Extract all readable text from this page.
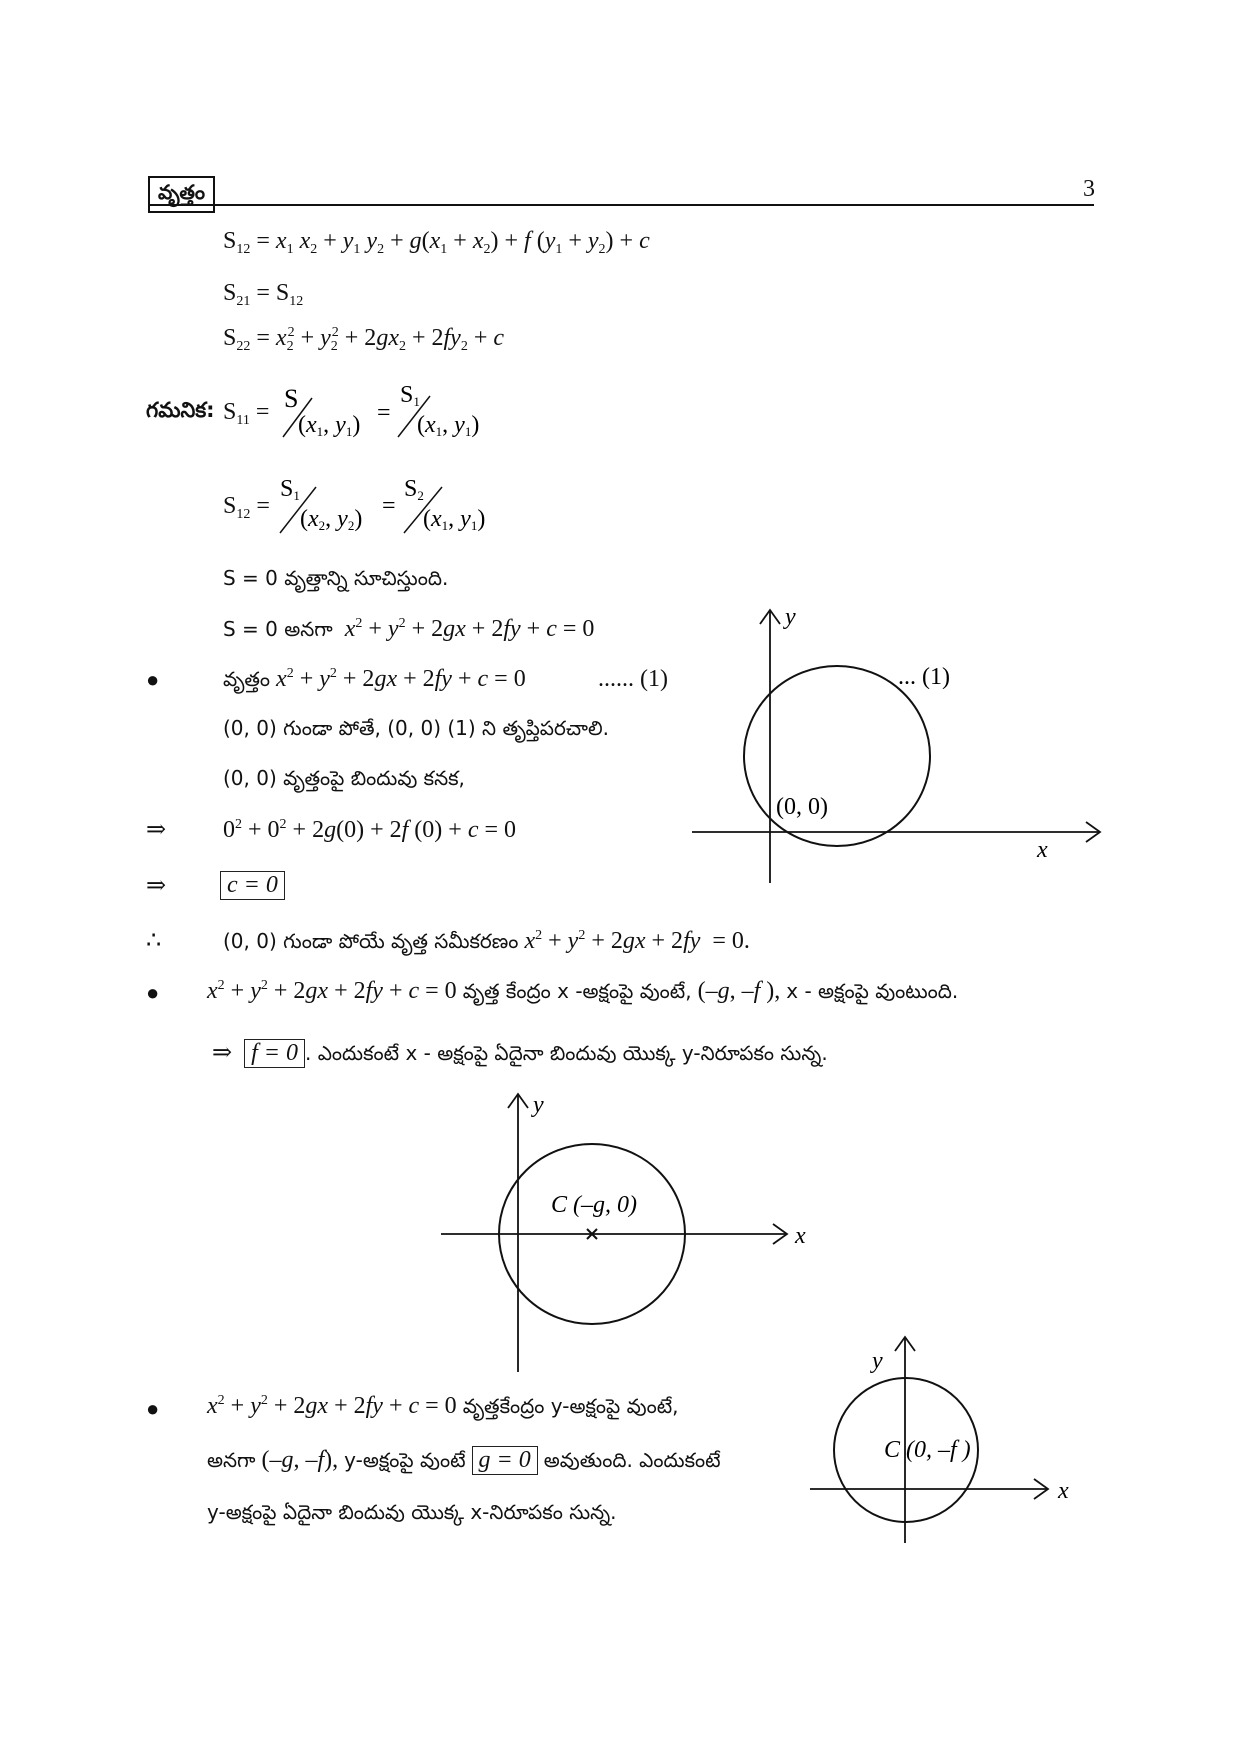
వృత్తం	3
$S_{12} = x_1$ $x_2 + y_1$ $y_2 + g(x_1 + x_2) + f$ $(y_1 + y_2) + c$
$S_{21} = S_{12}$
$S_{22} = x_2^2 + y_2^2 + 2gx_2 + 2fy_2 + c$
గమనిక: $S_{11} = S$
(x1, y1) =
S1
(x1, y1)
$S_{12}$ =
S1
(x2, y2) =
S2
(x1, y1)
S = 0 వృత్తాన్ని సూచిస్తుంది.
S = 0 అనగా $x^2 + y^2 + 2gx + 2fy + c = 0$
●	వృత్తం $x^2 + y^2 + 2gx + 2fy + c = 0$	...... (1)
(0, 0) గుండా పోతే, (0, 0) (1) ని తృప్తిపరచాలి.
(0, 0) వృత్తంపై బిందువు కనక,
⇒ $0^2 + 0^2 + 2g(0) + 2f$ (0) + c = 0
⇒	c = 0
∴	(0, 0) గుండా పోయే వృత్త సమీకరణం $x^2 + y^2 + 2gx + 2fy = 0$.
y
x
... (1)
(0, 0)
● $x^2 + y^2 + 2gx + 2fy + c = 0$ వృత్త కేంద్రం x -అక్షంపై వుంటే, (–g, –f ), x - అక్షంపై వుంటుంది.
⇒ f = 0 . ఎందుకంటే x - అక్షంపై ఏదైనా బిందువు యొక్క y-నిరూపకం సున్న.
y
x
C (–g, 0)
● $x^2 + y^2 + 2gx + 2fy + c = 0$ వృత్తకేంద్రం y-అక్షంపై వుంటే,
అనగా (–g, –f), y-అక్షంపై వుంటే g = 0 అవుతుంది. ఎందుకంటే
y-అక్షంపై ఏదైనా బిందువు యొక్క x-నిరూపకం సున్న.
y
x
C (0, –f )
